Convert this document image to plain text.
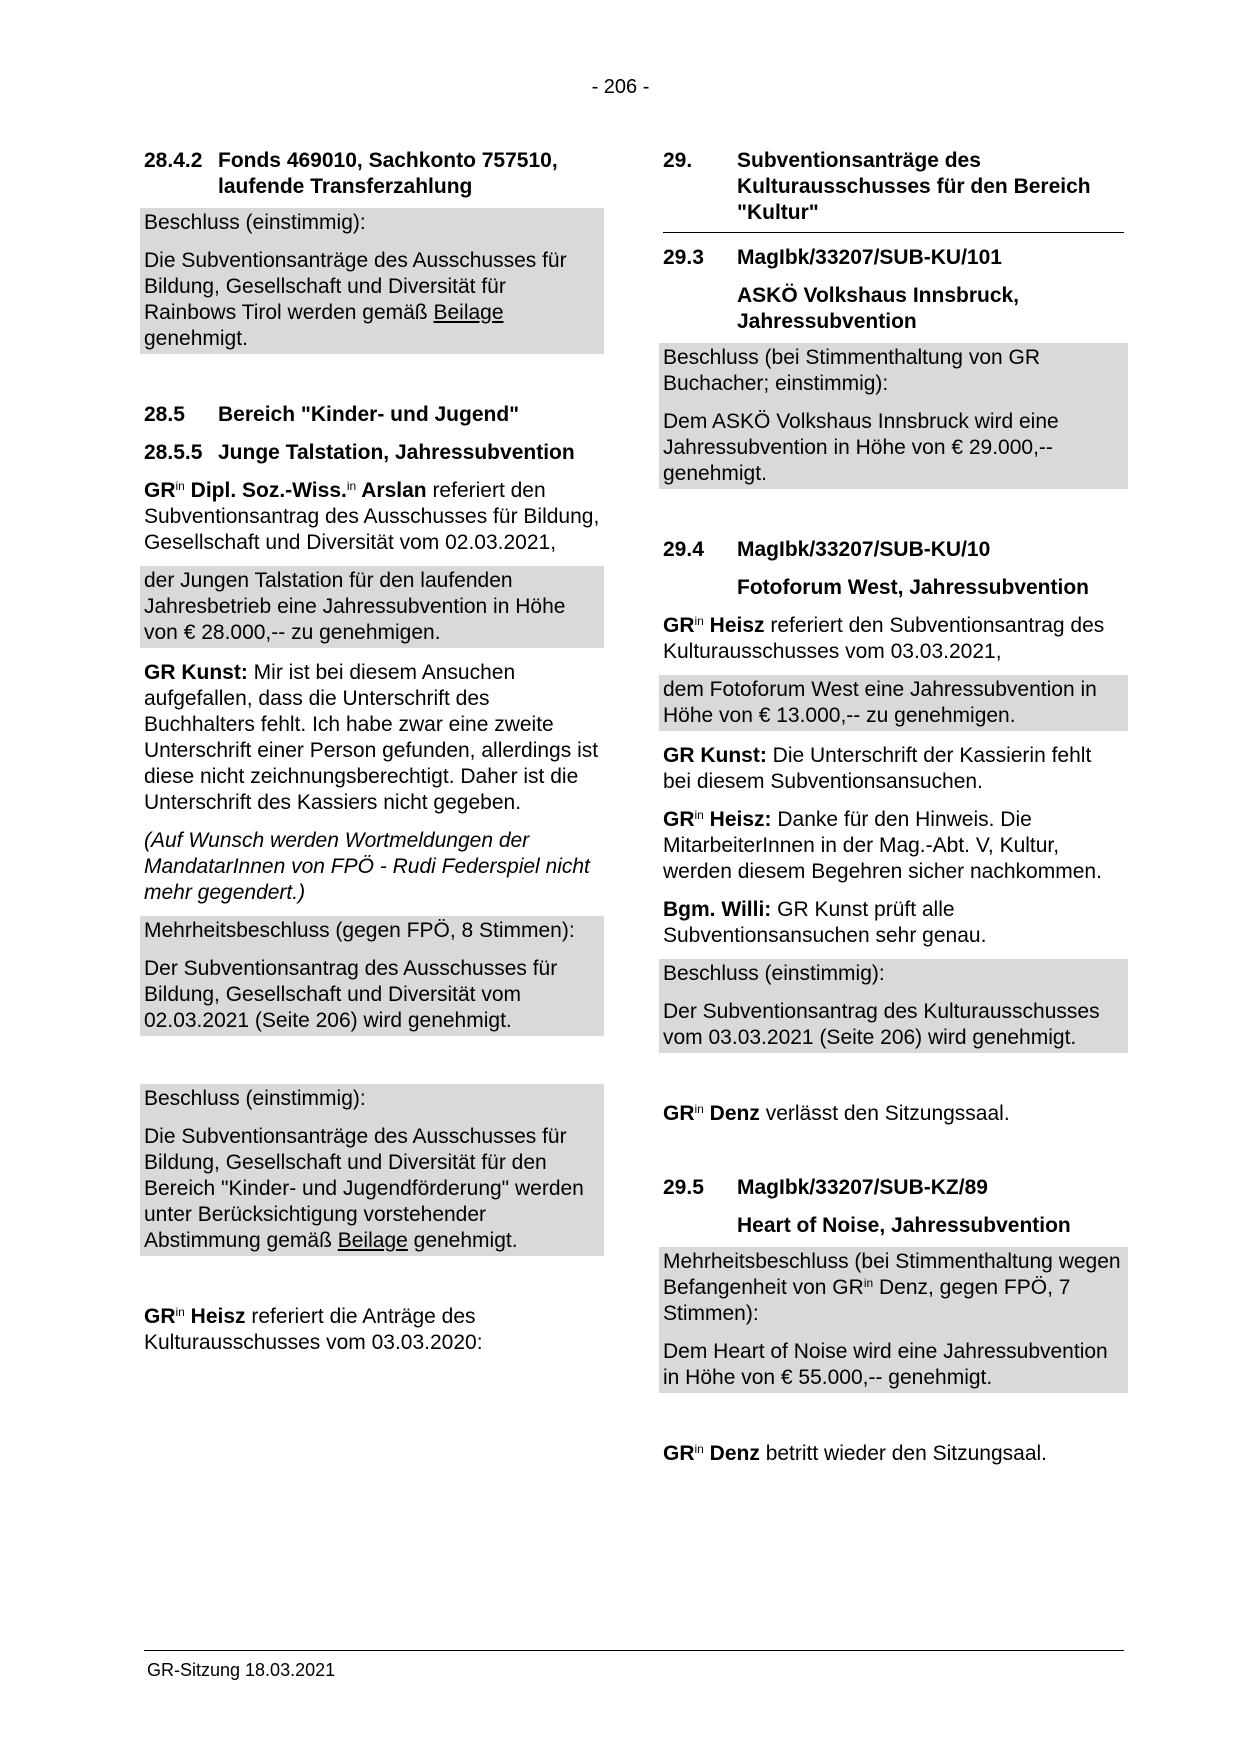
- 206 -
28.4.2 Fonds 469010, Sachkonto 757510, laufende Transferzahlung

Beschluss (einstimmig):

Die Subventionsanträge des Ausschusses für Bildung, Gesellschaft und Diversität für Rainbows Tirol werden gemäß Beilage genehmigt.

28.5	Bereich "Kinder- und Jugend"
28.5.5 Junge Talstation, Jahressubvention

$GR^{in}$ Dipl. Soz.-Wiss.$^{in}$ Arslan referiert den Subventionsantrag des Ausschusses für Bildung, Gesellschaft und Diversität vom 02.03.2021,

der Jungen Talstation für den laufenden Jahresbetrieb eine Jahressubvention in Höhe von € 28.000,-- zu genehmigen.

GR Kunst: Mir ist bei diesem Ansuchen aufgefallen, dass die Unterschrift des Buchhalters fehlt. Ich habe zwar eine zweite Unterschrift einer Person gefunden, allerdings ist diese nicht zeichnungsberechtigt. Daher ist die Unterschrift des Kassiers nicht gegeben.

(Auf Wunsch werden Wortmeldungen der MandatarInnen von FPÖ - Rudi Federspiel nicht mehr gegendert.)

Mehrheitsbeschluss (gegen FPÖ, 8 Stimmen):

Der Subventionsantrag des Ausschusses für Bildung, Gesellschaft und Diversität vom 02.03.2021 (Seite 206) wird genehmigt.

Beschluss (einstimmig):

Die Subventionsanträge des Ausschusses für Bildung, Gesellschaft und Diversität für den Bereich "Kinder- und Jugendförderung" werden unter Berücksichtigung vorstehender Abstimmung gemäß Beilage genehmigt.

$GR^{in}$ Heisz referiert die Anträge des Kulturausschusses vom 03.03.2020:

29.	Subventionsanträge des Kulturausschusses für den Bereich "Kultur"
29.3	MagIbk/33207/SUB-KU/101

ASKÖ Volkshaus Innsbruck, Jahressubvention

Beschluss (bei Stimmenthaltung von GR Buchacher; einstimmig):

Dem ASKÖ Volkshaus Innsbruck wird eine Jahressubvention in Höhe von € 29.000,-- genehmigt.

29.4	MagIbk/33207/SUB-KU/10

Fotoforum West, Jahressubvention

$GR^{in}$ Heisz referiert den Subventionsantrag des Kulturausschusses vom 03.03.2021,

dem Fotoforum West eine Jahressubvention in Höhe von € 13.000,-- zu genehmigen.

GR Kunst: Die Unterschrift der Kassierin fehlt bei diesem Subventionsansuchen.

$GR^{in}$ Heisz: Danke für den Hinweis. Die MitarbeiterInnen in der Mag.-Abt. V, Kultur, werden diesem Begehren sicher nachkommen.

Bgm. Willi: GR Kunst prüft alle Subventionsansuchen sehr genau.

Beschluss (einstimmig):

Der Subventionsantrag des Kulturausschusses vom 03.03.2021 (Seite 206) wird genehmigt.

$GR^{in}$ Denz verlässt den Sitzungssaal.

29.5	MagIbk/33207/SUB-KZ/89

Heart of Noise, Jahressubvention

Mehrheitsbeschluss (bei Stimmenthaltung wegen Befangenheit von $GR^{in}$ Denz, gegen FPÖ, 7 Stimmen):

Dem Heart of Noise wird eine Jahressubvention in Höhe von € 55.000,-- genehmigt.

$GR^{in}$ Denz betritt wieder den Sitzungsaal.

GR-Sitzung 18.03.2021
